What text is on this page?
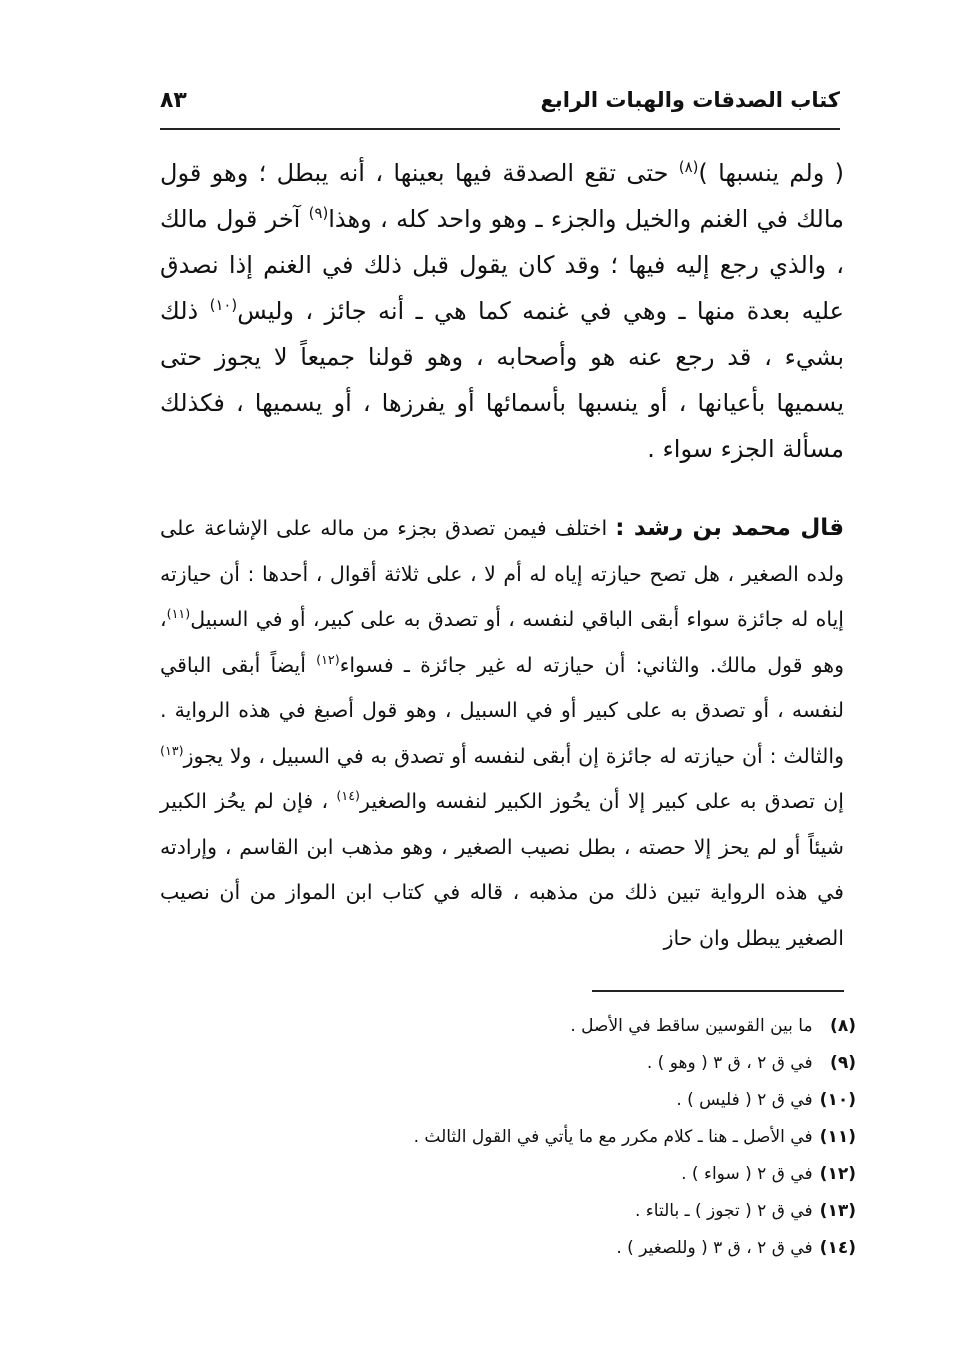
كتاب الصدقات والهبات الرابع
٨٣

( ولم ينسبها )$^{(٨)}$ حتى تقع الصدقة فيها بعينها ، أنه يبطل ؛ وهو قول مالك في الغنم والخيل والجزء ـ وهو واحد كله ، وهذا$^{(٩)}$ آخر قول مالك ، والذي رجع إليه فيها ؛ وقد كان يقول قبل ذلك في الغنم إذا نصدق عليه بعدة منها ـ وهي في غنمه كما هي ـ أنه جائز ، وليس$^{(١٠)}$ ذلك بشيء ، قد رجع عنه هو وأصحابه ، وهو قولنا جميعاً لا يجوز حتى يسميها بأعيانها ، أو ينسبها بأسمائها أو يفرزها ، أو يسميها ، فكذلك مسألة الجزء سواء .

قال محمد بن رشد : اختلف فيمن تصدق بجزء من ماله على الإشاعة على ولده الصغير ، هل تصح حيازته إياه له أم لا ، على ثلاثة أقوال ، أحدها : أن حيازته إياه له جائزة سواء أبقى الباقي لنفسه ، أو تصدق به على كبير، أو في السبيل$^{(١١)}$، وهو قول مالك. والثاني: أن حيازته له غير جائزة ـ فسواء$^{(١٢)}$ أيضاً أبقى الباقي لنفسه ، أو تصدق به على كبير أو في السبيل ، وهو قول أصبغ في هذه الرواية . والثالث : أن حيازته له جائزة إن أبقى لنفسه أو تصدق به في السبيل ، ولا يجوز$^{(١٣)}$ إن تصدق به على كبير إلا أن يحُوز الكبير لنفسه والصغير$^{(١٤)}$ ، فإن لم يحُز الكبير شيئاً أو لم يحز إلا حصته ، بطل نصيب الصغير ، وهو مذهب ابن القاسم ، وإرادته في هذه الرواية تبين ذلك من مذهبه ، قاله في كتاب ابن المواز من أن نصيب الصغير يبطل وان حاز

(٨) ما بين القوسين ساقط في الأصل .
(٩) في ق ٢ ، ق ٣ ( وهو ) .
(١٠) في ق ٢ ( فليس ) .
(١١) في الأصل ـ هنا ـ كلام مكرر مع ما يأتي في القول الثالث .
(١٢) في ق ٢ ( سواء ) .
(١٣) في ق ٢ ( تجوز ) ـ بالتاء .
(١٤) في ق ٢ ، ق ٣ ( وللصغير ) .
